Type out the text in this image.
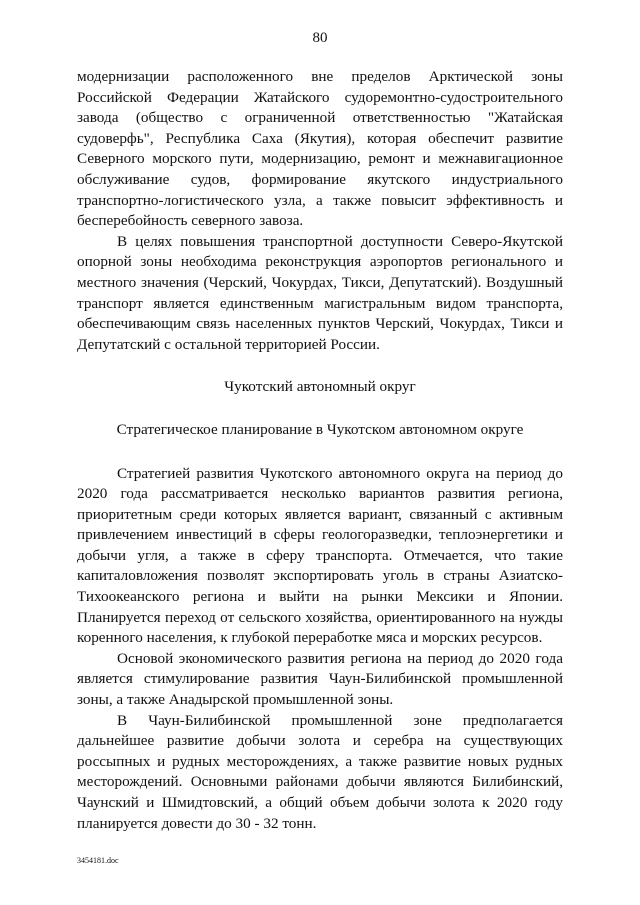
80

модернизации расположенного вне пределов Арктической зоны Российской Федерации Жатайского судоремонтно-судостроительного завода (общество с ограниченной ответственностью "Жатайская судоверфь", Республика Саха (Якутия), которая обеспечит развитие Северного морского пути, модернизацию, ремонт и межнавигационное обслуживание судов, формирование якутского индустриального транспортно-логистического узла, а также повысит эффективность и бесперебойность северного завоза.

В целях повышения транспортной доступности Северо-Якутской опорной зоны необходима реконструкция аэропортов регионального и местного значения (Черский, Чокурдах, Тикси, Депутатский). Воздушный транспорт является единственным магистральным видом транспорта, обеспечивающим связь населенных пунктов Черский, Чокурдах, Тикси и Депутатский с остальной территорией России.

Чукотский автономный округ

Стратегическое планирование в Чукотском автономном округе

Стратегией развития Чукотского автономного округа на период до 2020 года рассматривается несколько вариантов развития региона, приоритетным среди которых является вариант, связанный с активным привлечением инвестиций в сферы геологоразведки, теплоэнергетики и добычи угля, а также в сферу транспорта. Отмечается, что такие капиталовложения позволят экспортировать уголь в страны Азиатско-Тихоокеанского региона и выйти на рынки Мексики и Японии. Планируется переход от сельского хозяйства, ориентированного на нужды коренного населения, к глубокой переработке мяса и морских ресурсов.

Основой экономического развития региона на период до 2020 года является стимулирование развития Чаун-Билибинской промышленной зоны, а также Анадырской промышленной зоны.

В Чаун-Билибинской промышленной зоне предполагается дальнейшее развитие добычи золота и серебра на существующих россыпных и рудных месторождениях, а также развитие новых рудных месторождений. Основными районами добычи являются Билибинский, Чаунский и Шмидтовский, а общий объем добычи золота к 2020 году планируется довести до 30 - 32 тонн.

3454181.doc
